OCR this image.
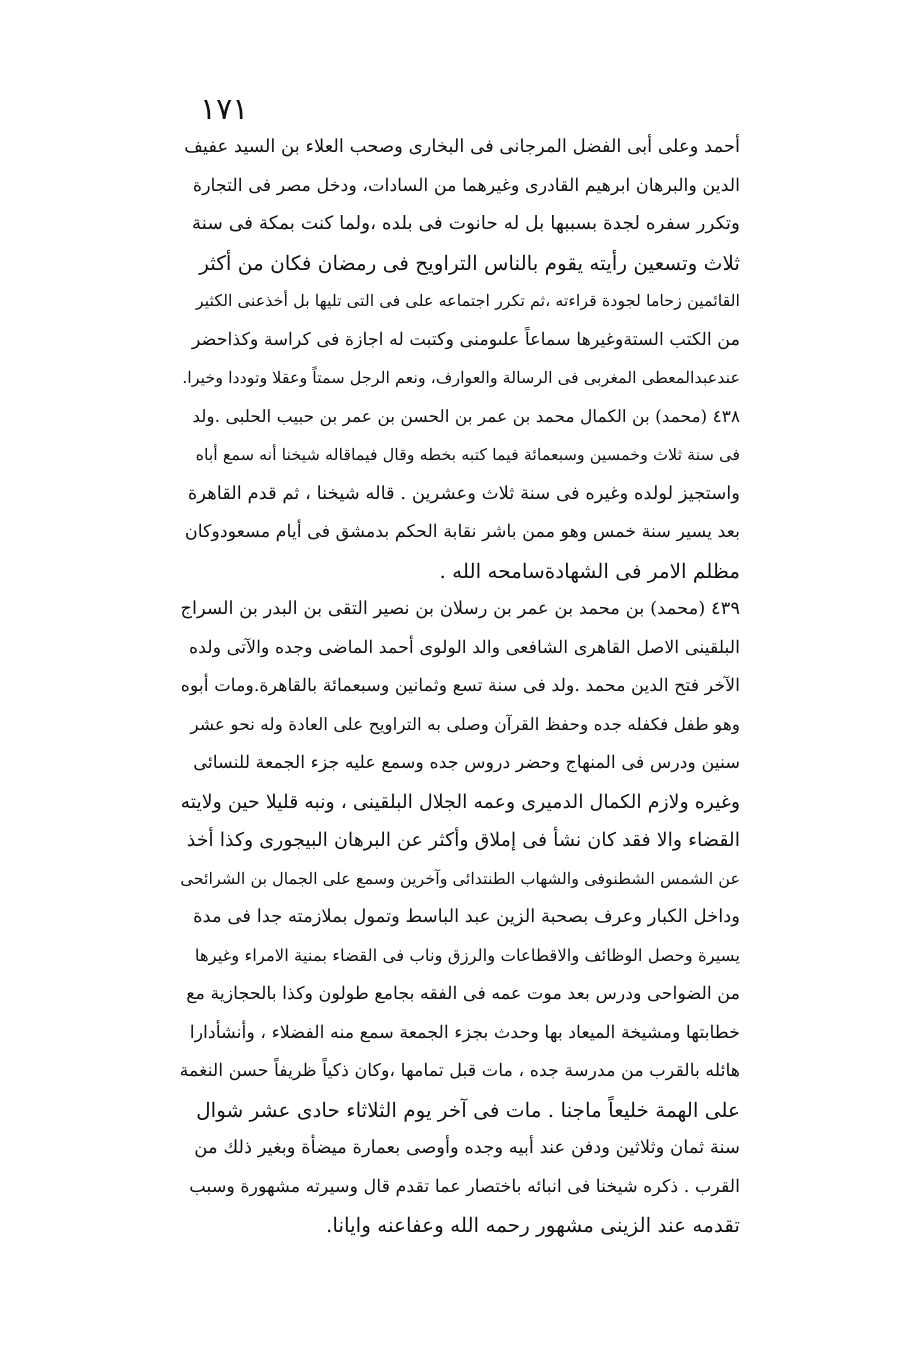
١٧١
أحمد وعلى أبى الفضل المرجانى فى البخارى وصحب العلاء بن السيد عفيف
الدين والبرهان ابرهيم القادرى وغيرهما من السادات، ودخل مصر فى التجارة
وتكرر سفره لجدة بسببها بل له حانوت فى بلده ،ولما كنت بمكة فى سنة
ثلاث وتسعين رأيته يقوم بالناس التراويح فى رمضان فكان من أكثر
القائمين زحاما لجودة قراءته ،ثم تكرر اجتماعه على فى التى تليها بل أخذعنى الكثير
من الكتب الستةوغيرها سماعاً علىومنى وكتبت له اجازة فى كراسة وكذاحضر
عندعبدالمعطى المغربى فى الرسالة والعوارف، ونعم الرجل سمتاً وعقلا وتوددا وخيرا.
٤٣٨ (محمد) بن الكمال محمد بن عمر بن الحسن بن عمر بن حبيب الحلبى .ولد
فى سنة ثلاث وخمسين وسبعمائة فيما كتبه بخطه وقال فيماقاله شيخنا أنه سمع أباه
واستجيز لولده وغيره فى سنة ثلاث وعشرين . قاله شيخنا ، ثم قدم القاهرة
بعد يسير سنة خمس وهو ممن باشر نقابة الحكم بدمشق فى أيام مسعودوكان
مظلم الامر فى الشهادةسامحه الله .
٤٣٩ (محمد) بن محمد بن عمر بن رسلان بن نصير التقى بن البدر بن السراج
البلقينى الاصل القاهرى الشافعى والد الولوى أحمد الماضى وجده والآتى ولده
الآخر فتح الدين محمد .ولد فى سنة تسع وثمانين وسبعمائة بالقاهرة.ومات أبوه
وهو طفل فكفله جده وحفظ القرآن وصلى به التراويح على العادة وله نحو عشر
سنين ودرس فى المنهاج وحضر دروس جده وسمع عليه جزء الجمعة للنسائى
وغيره ولازم الكمال الدميرى وعمه الجلال البلقينى ، ونبه قليلا حين ولايته
القضاء والا فقد كان نشأ فى إملاق وأكثر عن البرهان البيجورى وكذا أخذ
عن الشمس الشطنوفى والشهاب الطنتدائى وآخرين وسمع على الجمال بن الشرائحى
وداخل الكبار وعرف بصحبة الزين عبد الباسط وتمول بملازمته جدا فى مدة
يسيرة وحصل الوظائف والاقطاعات والرزق وناب فى القضاء بمنية الامراء وغيرها
من الضواحى ودرس بعد موت عمه فى الفقه بجامع طولون وكذا بالحجازية مع
خطابتها ومشيخة الميعاد بها وحدث بجزء الجمعة سمع منه الفضلاء ، وأنشأدارا
هائله بالقرب من مدرسة جده ، مات قبل تمامها ،وكان ذكياً ظريفاً حسن النغمة
على الهمة خليعاً ماجنا . مات فى آخر يوم الثلاثاء حادى عشر شوال
سنة ثمان وثلاثين ودفن عند أبيه وجده وأوصى بعمارة ميضأة وبغير ذلك من
القرب . ذكره شيخنا فى انبائه باختصار عما تقدم قال وسيرته مشهورة وسبب
تقدمه عند الزينى مشهور رحمه الله وعفاعنه وايانا.
